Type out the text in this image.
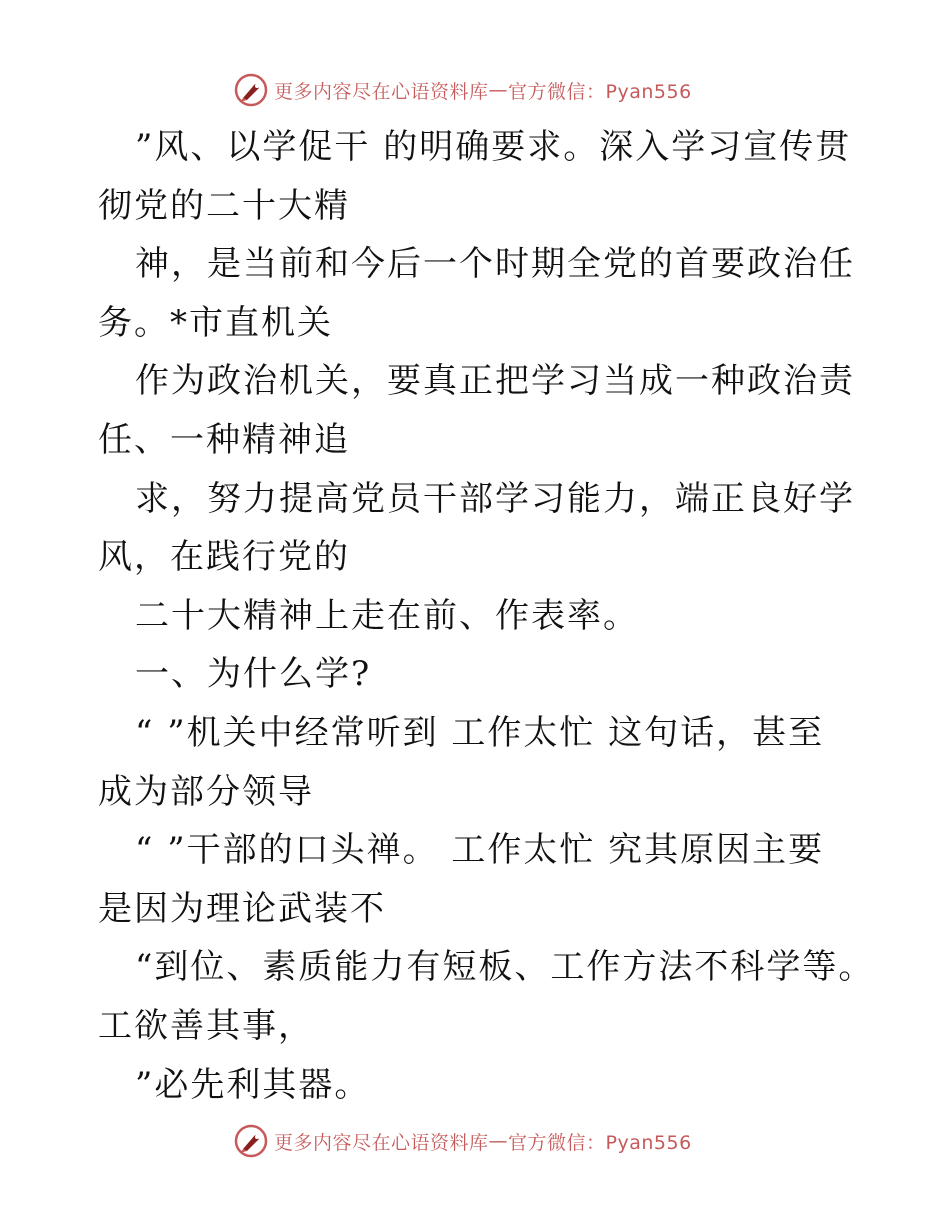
更多内容尽在心语资料库 — 官方微信：Pyan556
”风、以学促干 的明确要求。深入学习宣传贯
彻党的二十大精
神，是当前和今后一个时期全党的首要政治任
务。*市直机关
作为政治机关，要真正把学习当成一种政治责
任、一种精神追
求，努力提高党员干部学习能力，端正良好学
风，在践行党的
二十大精神上走在前、作表率。
一、为什么学?
“ ”机关中经常听到 工作太忙 这句话，甚至
成为部分领导
“ ”干部的口头禅。 工作太忙 究其原因主要
是因为理论武装不
“到位、素质能力有短板、工作方法不科学等。
工欲善其事，
”必先利其器。
更多内容尽在心语资料库 — 官方微信：Pyan556
